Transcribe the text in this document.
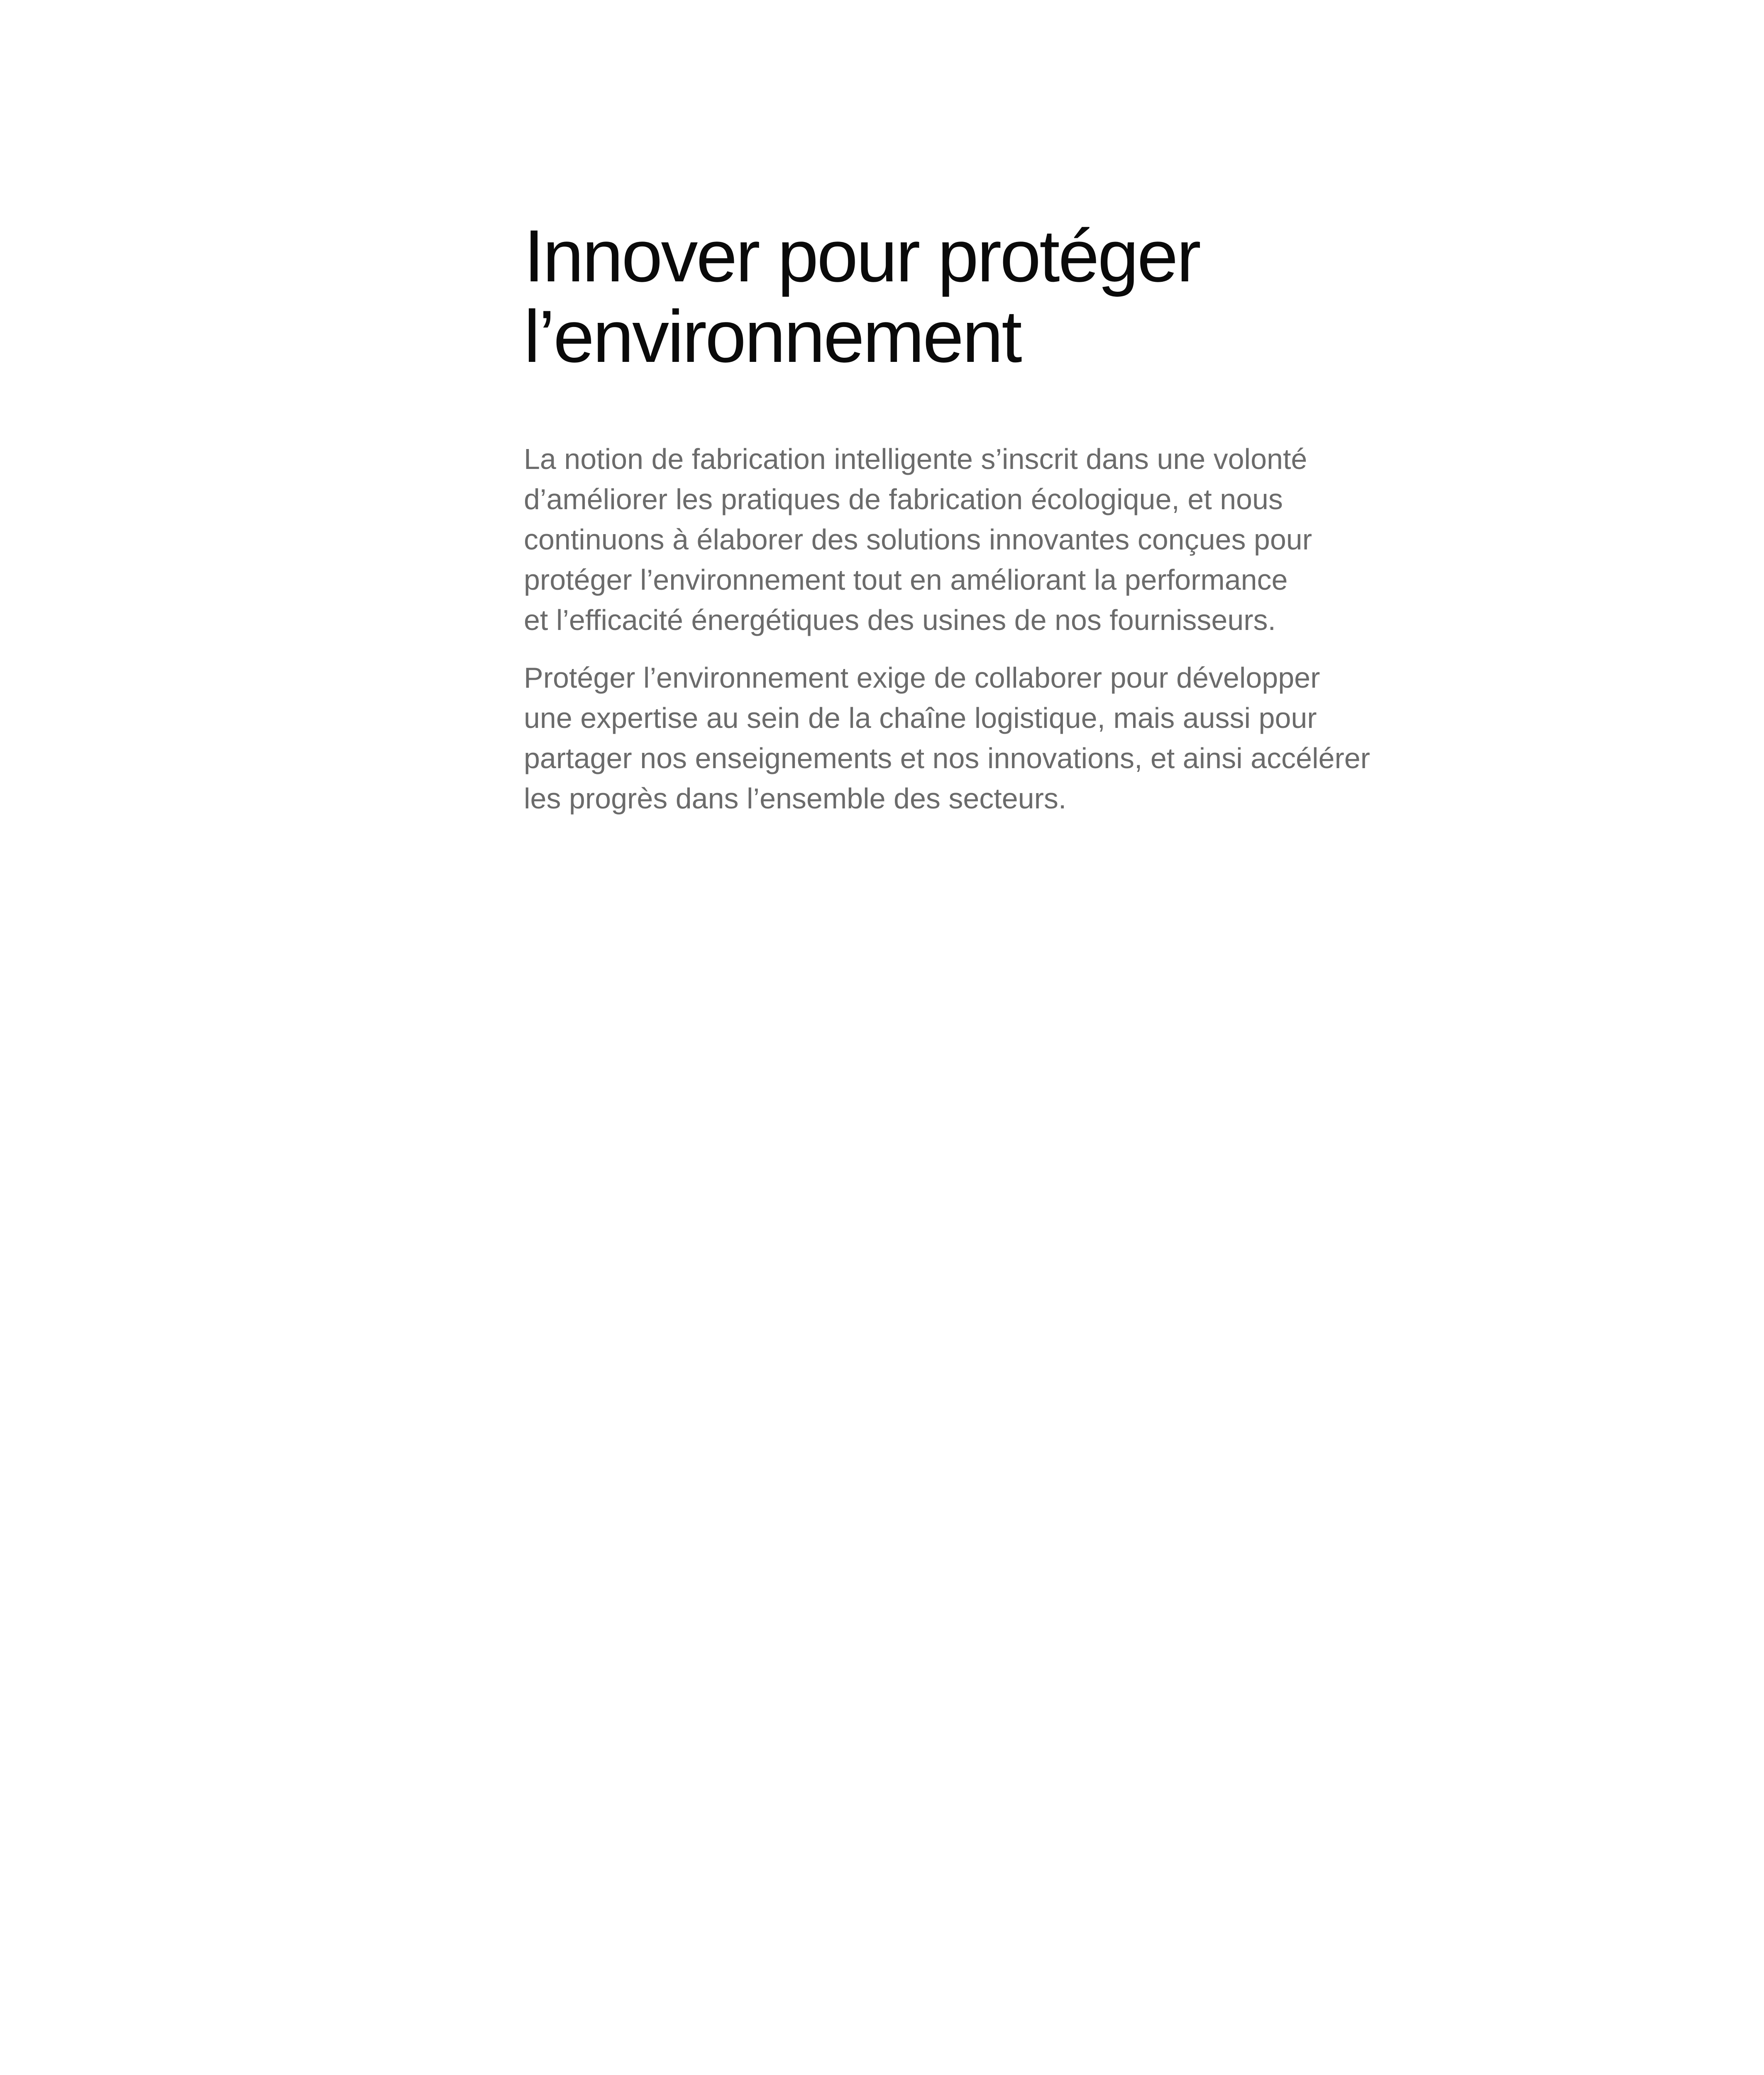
Innover pour protéger
l’environnement

La notion de fabrication intelligente s’inscrit dans une volonté
d’améliorer les pratiques de fabrication écologique, et nous
continuons à élaborer des solutions innovantes conçues pour
protéger l’environnement tout en améliorant la performance
et l’efficacité énergétiques des usines de nos fournisseurs.

Protéger l’environnement exige de collaborer pour développer
une expertise au sein de la chaîne logistique, mais aussi pour
partager nos enseignements et nos innovations, et ainsi accélérer
les progrès dans l’ensemble des secteurs.
